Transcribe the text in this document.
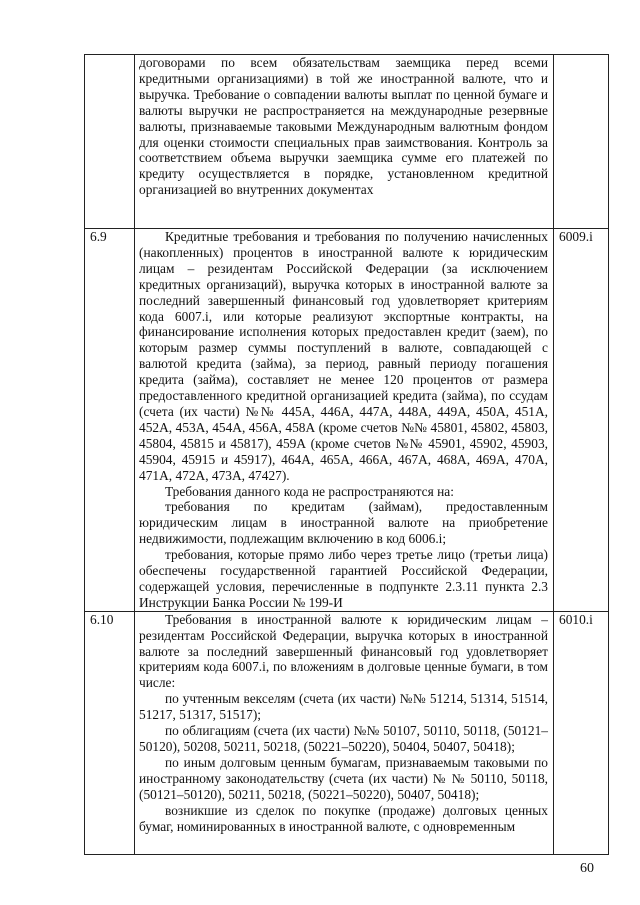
	договорами по всем обязательствам заемщика перед всеми кредитными организациями) в той же иностранной валюте, что и выручка. Требование о совпадении валюты выплат по ценной бумаге и валюты выручки не распространяется на международные резервные валюты, признаваемые таковыми Международным валютным фондом для оценки стоимости специальных прав заимствования. Контроль за соответствием объема выручки заемщика сумме его платежей по кредиту осуществляется в порядке, установленном кредитной организацией во внутренних документах	

6.9	Кредитные требования и требования по получению начисленных (накопленных) процентов в иностранной валюте к юридическим лицам – резидентам Российской Федерации (за исключением кредитных организаций), выручка которых в иностранной валюте за последний завершенный финансовый год удовлетворяет критериям кода 6007.i, или которые реализуют экспортные контракты, на финансирование исполнения которых предоставлен кредит (заем), по которым размер суммы поступлений в валюте, совпадающей с валютой кредита (займа), за период, равный периоду погашения кредита (займа), составляет не менее 120 процентов от размера предоставленного кредитной организацией кредита (займа), по ссудам (счета (их части) №№ 445А, 446А, 447А, 448А, 449А, 450А, 451А, 452А, 453А, 454А, 456А, 458А (кроме счетов №№ 45801, 45802, 45803, 45804, 45815 и 45817), 459А (кроме счетов №№ 45901, 45902, 45903, 45904, 45915 и 45917), 464А, 465А, 466А, 467А, 468А, 469А, 470А, 471А, 472А, 473А, 47427).

Требования данного кода не распространяются на:

требования по кредитам (займам), предоставленным юридическим лицам в иностранной валюте на приобретение недвижимости, подлежащим включению в код 6006.i;

требования, которые прямо либо через третье лицо (третьи лица) обеспечены государственной гарантией Российской Федерации, содержащей условия, перечисленные в подпункте 2.3.11 пункта 2.3 Инструкции Банка России № 199-И	6009.i
6.10	Требования в иностранной валюте к юридическим лицам – резидентам Российской Федерации, выручка которых в иностранной валюте за последний завершенный финансовый год удовлетворяет критериям кода 6007.i, по вложениям в долговые ценные бумаги, в том числе:

по учтенным векселям (счета (их части) №№ 51214, 51314, 51514, 51217, 51317, 51517);

по облигациям (счета (их части) №№ 50107, 50110, 50118, (50121–50120), 50208, 50211, 50218, (50221–50220), 50404, 50407, 50418);

по иным долговым ценным бумагам, признаваемым таковыми по иностранному законодательству (счета (их части) № № 50110, 50118, (50121–50120), 50211, 50218, (50221–50220), 50407, 50418);

возникшие из сделок по покупке (продаже) долговых ценных бумаг, номинированных в иностранной валюте, с одновременным	6010.i
60
